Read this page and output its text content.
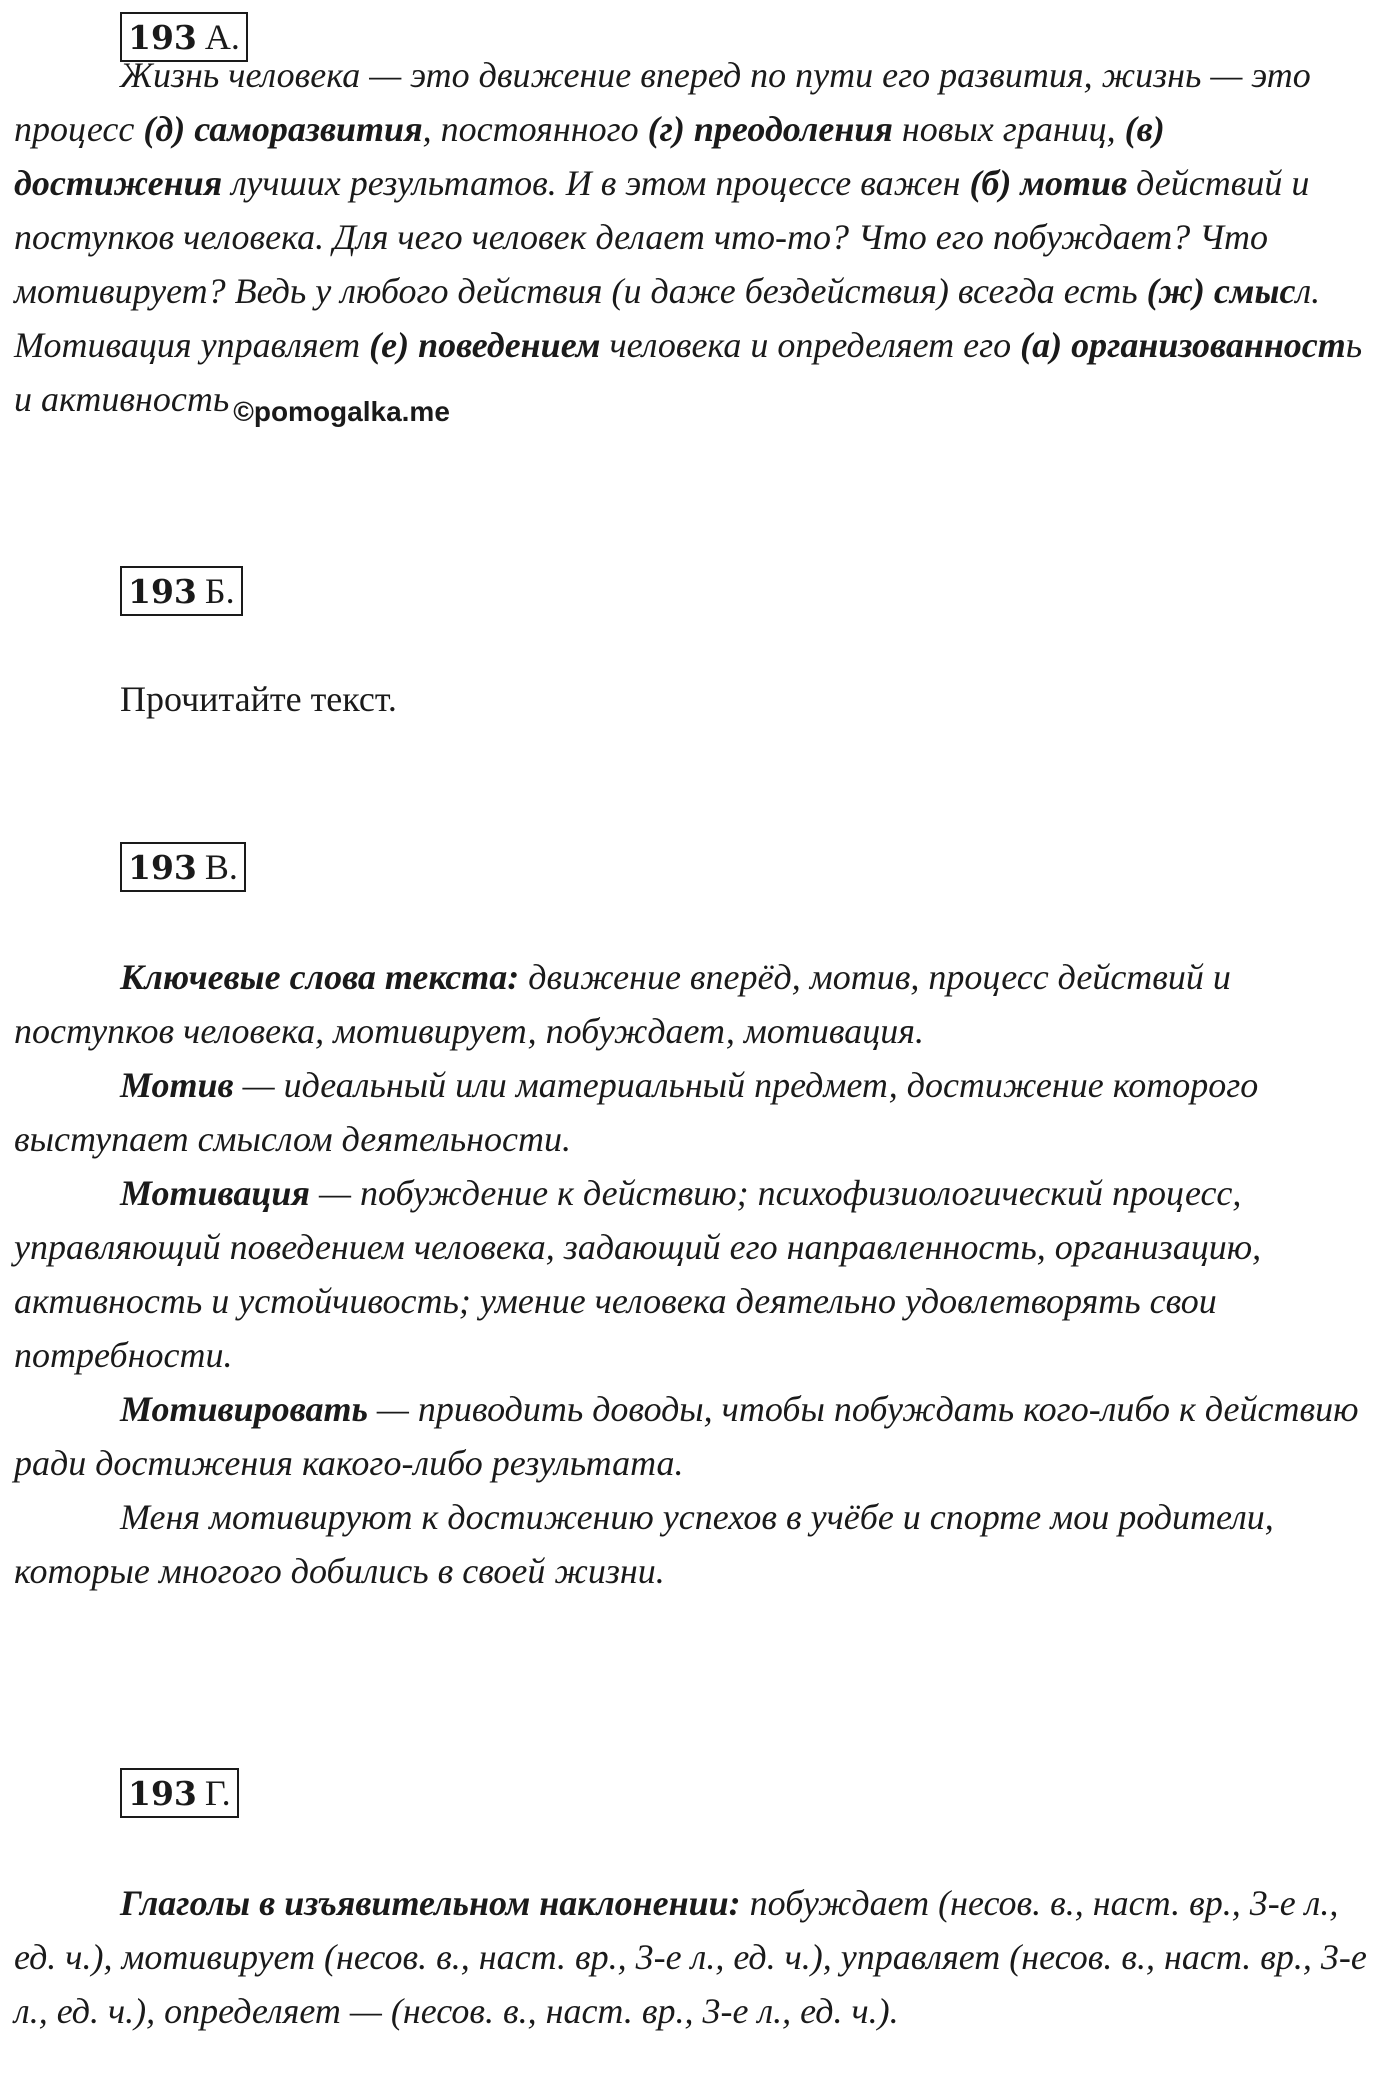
193 А.

Жизнь человека — это движение вперед по пути его развития, жизнь — это процесс (д) саморазвития, постоянного (г) преодоления новых границ, (в) достижения лучших результатов. И в этом процессе важен (б) мотив действий и поступков человека. Для чего человек делает что-то? Что его побуждает? Что мотивирует? Ведь у любого действия (и даже бездействия) всегда есть (ж) смысл. Мотивация управляет (е) поведением человека и определяет его (а) организованность и активность $_{©pomogalka.me}$

193 Б.

Прочитайте текст.

193 В.

Ключевые слова текста: движение вперёд, мотив, процесс действий и поступков человека, мотивирует, побуждает, мотивация.

Мотив — идеальный или материальный предмет, достижение которого

выступает смыслом деятельности.

Мотивация — побуждение к действию; психофизиологический процесс, управляющий поведением человека, задающий его направленность, организацию, активность и устойчивость; умение человека деятельно удовлетворять свои потребности.

Мотивировать — приводить доводы, чтобы побуждать кого-либо к действию ради достижения какого-либо результата.

Меня мотивируют к достижению успехов в учёбе и спорте мои родители, которые многого добились в своей жизни.

193 Г.

Глаголы в изъявительном наклонении: побуждает (несов. в., наст. вр., 3-е л., ед. ч.), мотивирует (несов. в., наст. вр., 3-е л., ед. ч.), управляет (несов. в., наст. вр., 3-е л., ед. ч.), определяет — (несов. в., наст. вр., 3-е л., ед. ч.).
